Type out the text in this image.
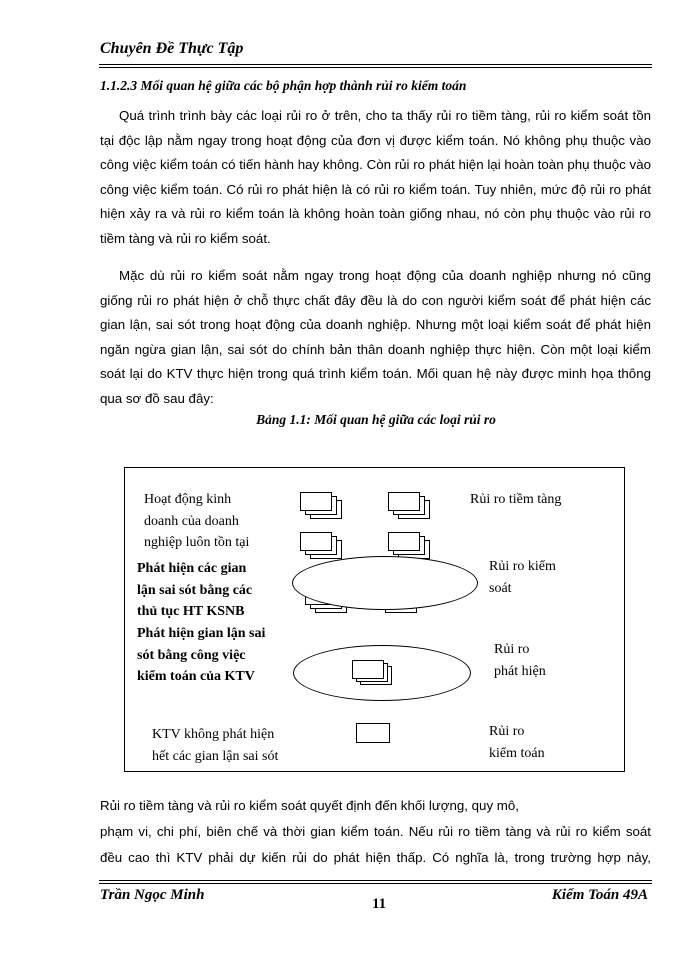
Chuyên Đề Thực Tập
1.1.2.3 Mối quan hệ giữa các bộ phận hợp thành rủi ro kiểm toán

Quá trình trình bày các loại rủi ro ở trên, cho ta thấy rủi ro tiềm tàng, rủi ro kiểm soát tồn tại độc lập nằm ngay trong hoạt động của đơn vị được kiểm toán. Nó không phụ thuộc vào công việc kiểm toán có tiến hành hay không. Còn rủi ro phát hiện lại hoàn toàn phụ thuộc vào công việc kiểm toán. Có rủi ro phát hiện là có rủi ro kiểm toán. Tuy nhiên, mức độ rủi ro phát hiện xảy ra và rủi ro kiểm toán là không hoàn toàn giống nhau, nó còn phụ thuộc vào rủi ro tiềm tàng và rủi ro kiểm soát.

Mặc dù rủi ro kiểm soát nằm ngay trong hoạt động của doanh nghiệp nhưng nó cũng giống rủi ro phát hiện ở chỗ thực chất đây đều là do con người kiểm soát để phát hiện các gian lận, sai sót trong hoạt động của doanh nghiệp. Nhưng một loại kiểm soát để phát hiện ngăn ngừa gian lận, sai sót do chính bản thân doanh nghiệp thực hiện. Còn một loại kiểm soát lại do KTV thực hiện trong quá trình kiểm toán. Mối quan hệ này được minh họa thông qua sơ đồ sau đây:

Bảng 1.1: Mối quan hệ giữa các loại rủi ro
Hoạt động kinh
doanh của doanh
nghiệp luôn tồn tại
Phát hiện các gian
lận sai sót bằng các
thủ tục HT KSNB
Phát hiện gian lận sai
sót bằng công việc
kiểm toán của KTV
KTV không phát hiện
hết các gian lận sai sót
Rủi ro tiềm tàng
Rủi ro kiểm
soát
Rủi ro
phát hiện
Rủi ro
kiểm toán

Rủi ro tiềm tàng và rủi ro kiểm soát quyết định đến khối lượng, quy mô,

phạm vi, chi phí, biên chế và thời gian kiểm toán. Nếu rủi ro tiềm tàng và rủi ro kiểm soát

đều cao thì KTV phải dự kiến rủi do phát hiện thấp. Có nghĩa là, trong trường hợp này,

Trần Ngọc Minh
11
Kiểm Toán 49A
